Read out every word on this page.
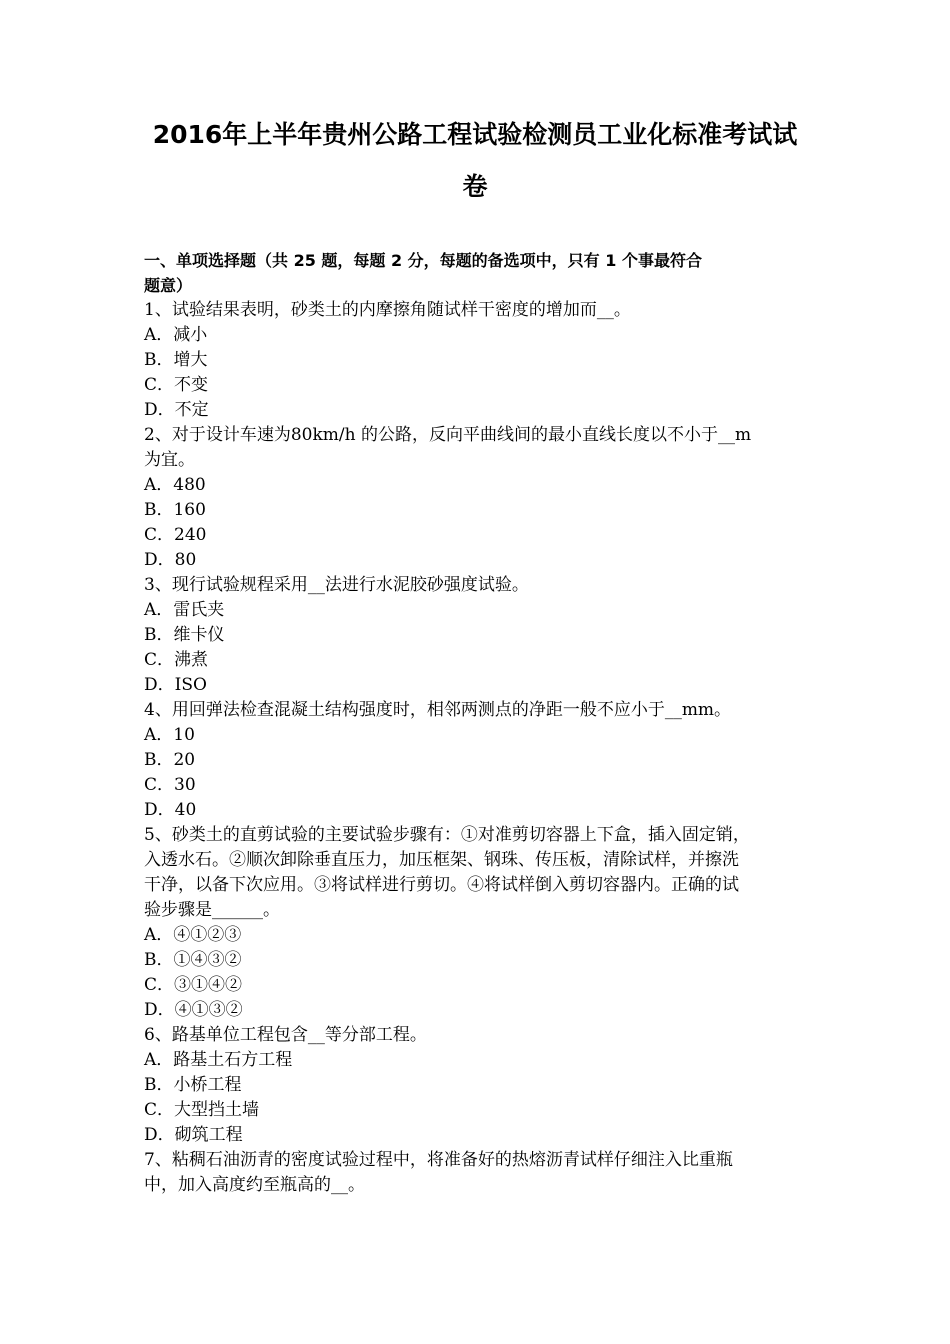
2016年上半年贵州公路工程试验检测员工业化标准考试试
卷

一、单项选择题（共 25 题，每题 2 分，每题的备选项中，只有 1 个事最符合

题意）

1、试验结果表明，砂类土的内摩擦角随试样干密度的增加而__。

A．减小

B．增大

C．不变

D．不定

2、对于设计车速为80km/h 的公路，反向平曲线间的最小直线长度以不小于__m

为宜。

A．480

B．160

C．240

D．80

3、现行试验规程采用__法进行水泥胶砂强度试验。

A．雷氏夹

B．维卡仪

C．沸煮

D．ISO

4、用回弹法检查混凝土结构强度时，相邻两测点的净距一般不应小于__mm。

A．10

B．20

C．30

D．40

5、砂类土的直剪试验的主要试验步骤有：①对准剪切容器上下盒，插入固定销，

入透水石。②顺次卸除垂直压力，加压框架、钢珠、传压板，清除试样，并擦洗

干净，以备下次应用。③将试样进行剪切。④将试样倒入剪切容器内。正确的试

验步骤是______。

A．④①②③

B．①④③②

C．③①④②

D．④①③②

6、路基单位工程包含__等分部工程。

A．路基土石方工程

B．小桥工程

C．大型挡土墙

D．砌筑工程

7、粘稠石油沥青的密度试验过程中，将准备好的热熔沥青试样仔细注入比重瓶

中，加入高度约至瓶高的__。
